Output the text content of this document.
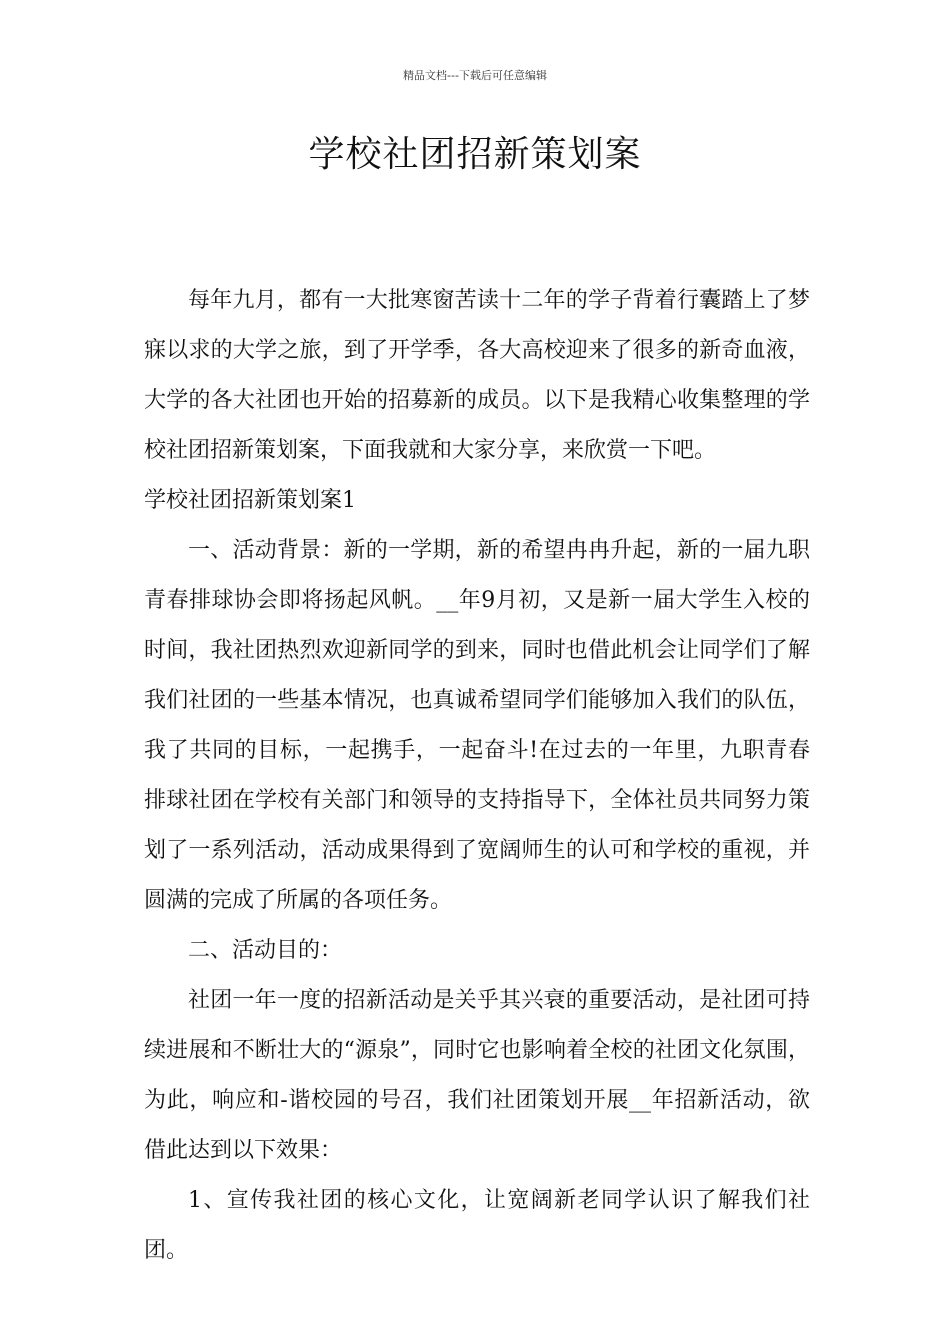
精品文档---下载后可任意编辑
学校社团招新策划案

每年九月，都有一大批寒窗苦读十二年的学子背着行囊踏上了梦寐以求的大学之旅，到了开学季，各大高校迎来了很多的新奇血液，大学的各大社团也开始的招募新的成员。以下是我精心收集整理的学校社团招新策划案，下面我就和大家分享，来欣赏一下吧。

学校社团招新策划案1

一、活动背景：新的一学期，新的希望冉冉升起，新的一届九职青春排球协会即将扬起风帆。__年9月初，又是新一届大学生入校的时间，我社团热烈欢迎新同学的到来，同时也借此机会让同学们了解我们社团的一些基本情况，也真诚希望同学们能够加入我们的队伍，我了共同的目标，一起携手，一起奋斗!在过去的一年里，九职青春排球社团在学校有关部门和领导的支持指导下，全体社员共同努力策划了一系列活动，活动成果得到了宽阔师生的认可和学校的重视，并圆满的完成了所属的各项任务。

二、活动目的：

社团一年一度的招新活动是关乎其兴衰的重要活动，是社团可持续进展和不断壮大的“源泉”，同时它也影响着全校的社团文化氛围，为此，响应和-谐校园的号召，我们社团策划开展__年招新活动，欲借此达到以下效果：

1、宣传我社团的核心文化，让宽阔新老同学认识了解我们社团。
